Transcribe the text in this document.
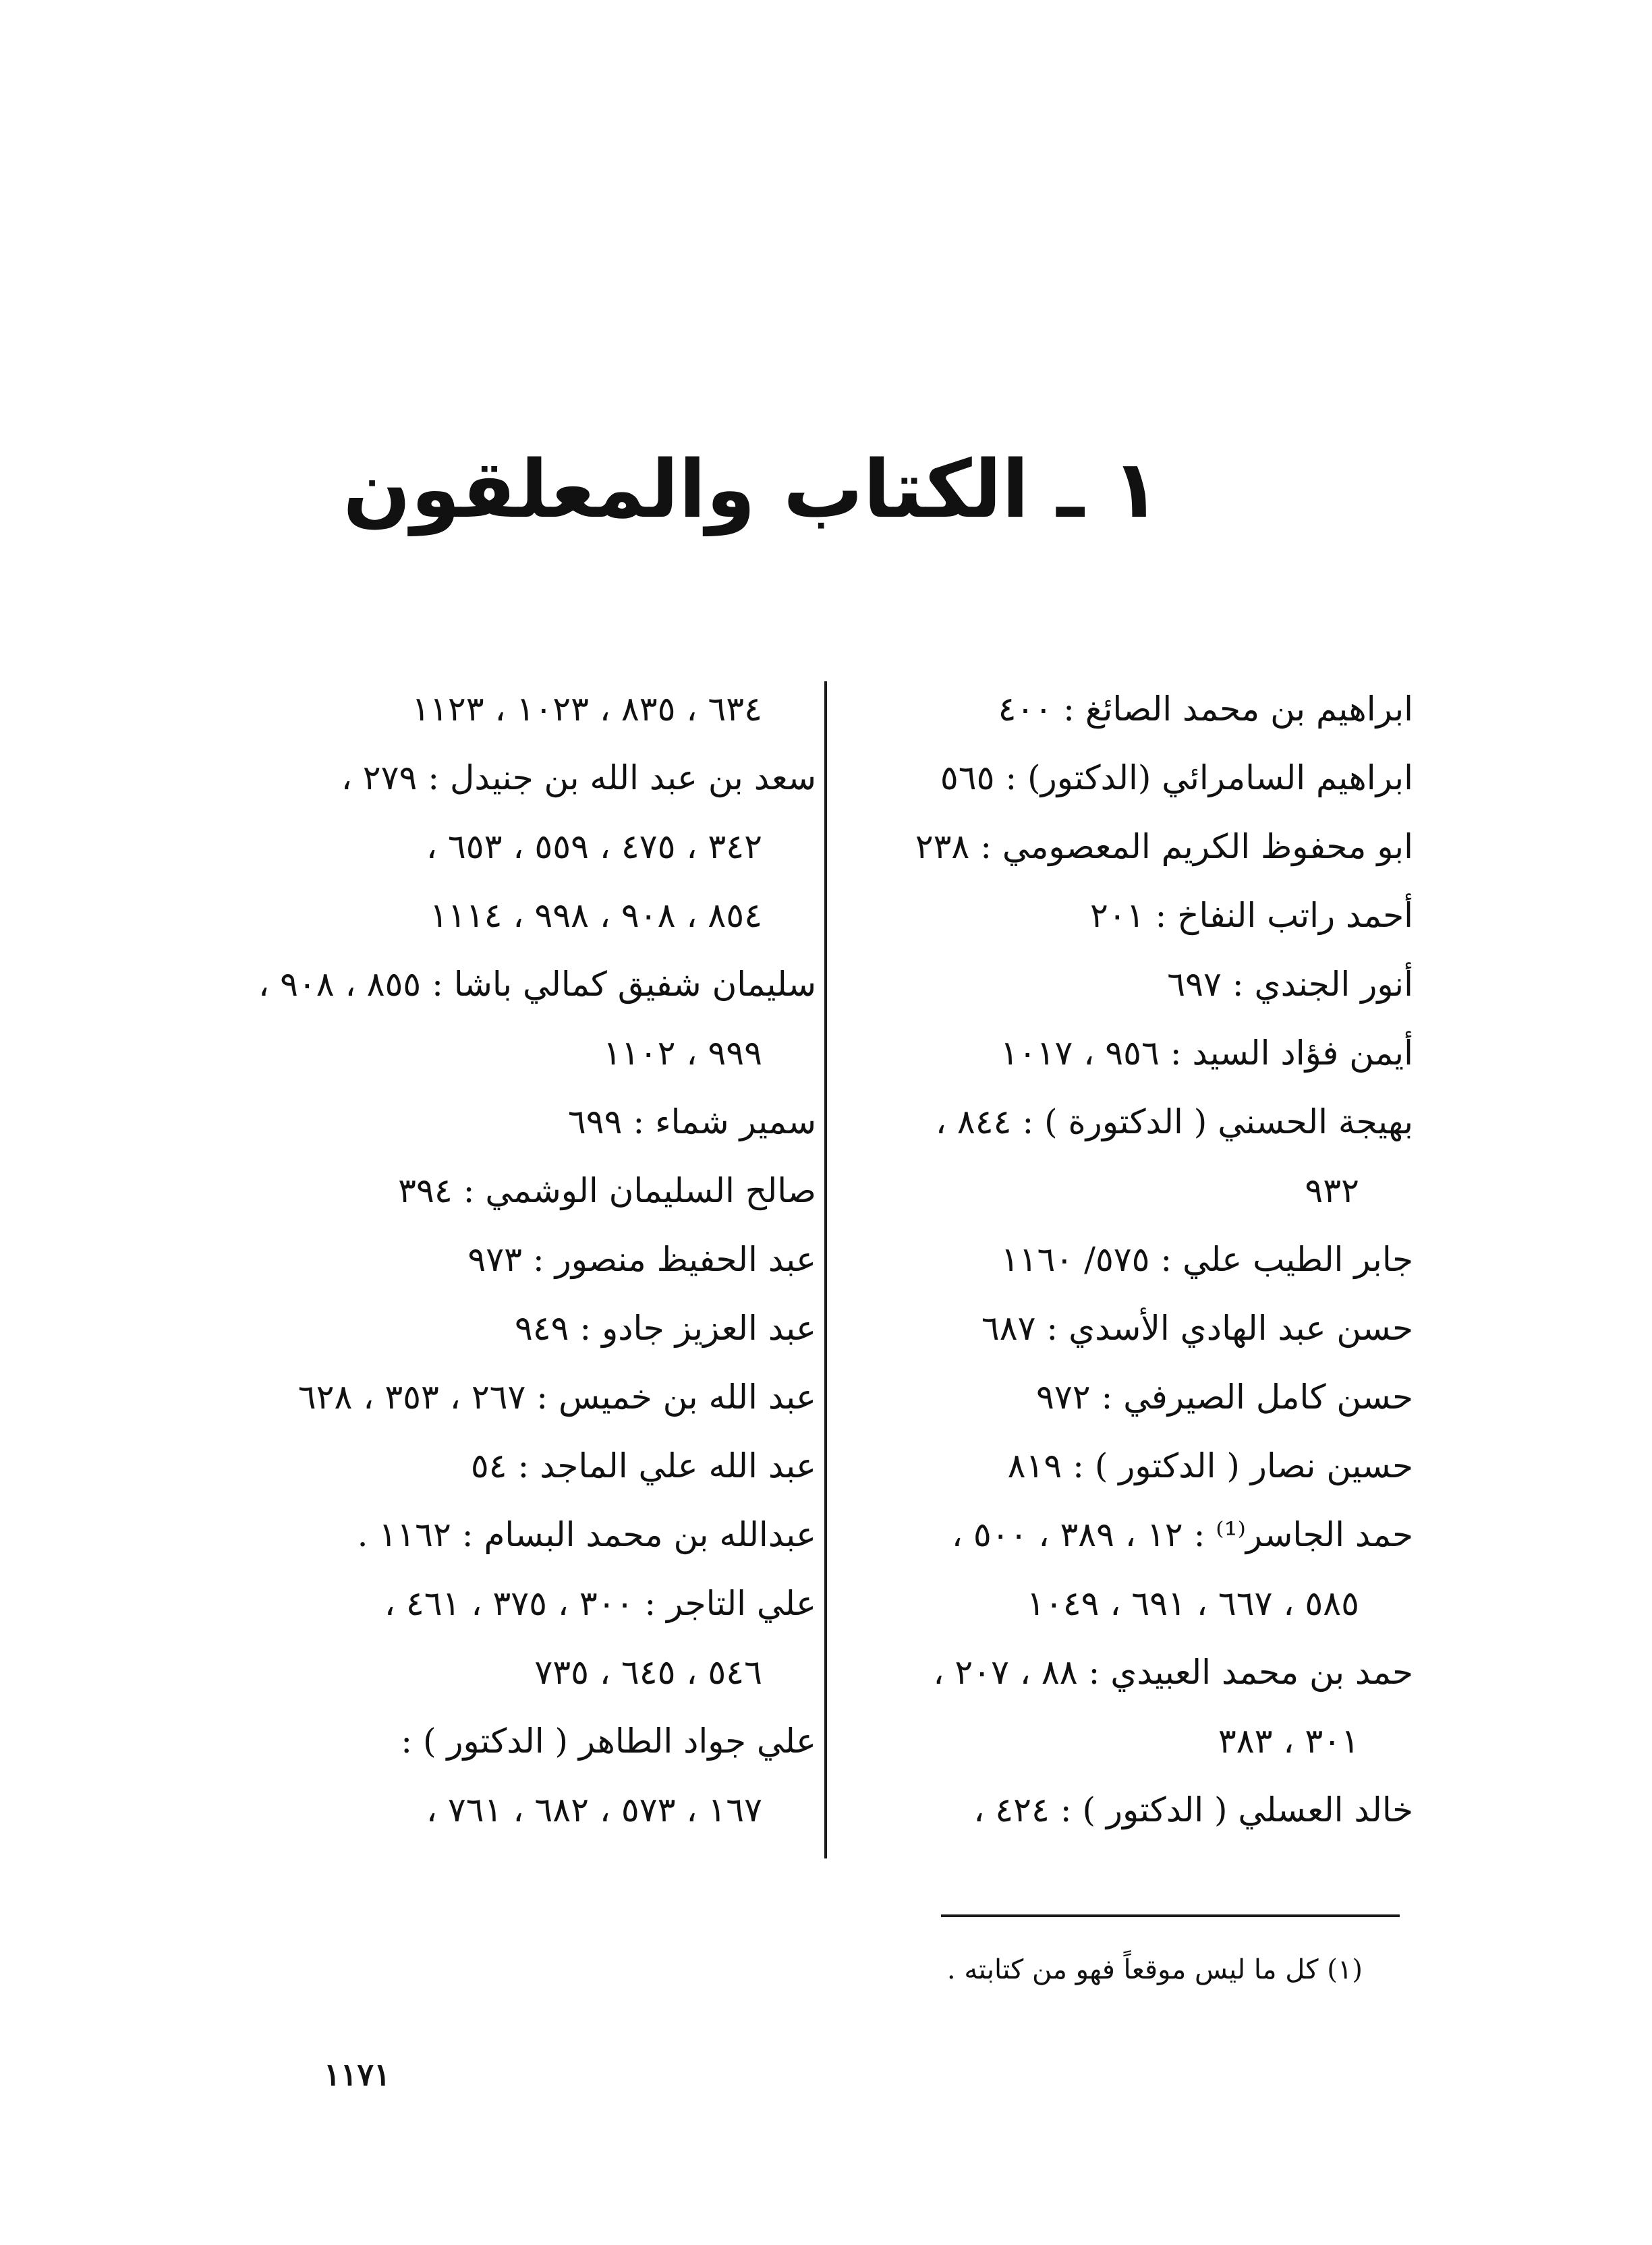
١ ـ الكتاب والمعلقون
ابراهيم بن محمد الصائغ : ٤٠٠
ابراهيم السامرائي (الدكتور) : ٥٦٥
ابو محفوظ الكريم المعصومي : ٢٣٨
أحمد راتب النفاخ : ٢٠١
أنور الجندي : ٦٩٧
أيمن فؤاد السيد : ٩٥٦ ، ١٠١٧
بهيجة الحسني ( الدكتورة ) : ٨٤٤ ،
٩٣٢
جابر الطيب علي : ٥٧٥/ ١١٦٠
حسن عبد الهادي الأسدي : ٦٨٧
حسن كامل الصيرفي : ٩٧٢
حسين نصار ( الدكتور ) : ٨١٩
حمد الجاسر⁽¹⁾ : ١٢ ، ٣٨٩ ، ٥٠٠ ،
٥٨٥ ، ٦٦٧ ، ٦٩١ ، ١٠٤٩
حمد بن محمد العبيدي : ٨٨ ، ٢٠٧ ،
٣٠١ ، ٣٨٣
خالد العسلي ( الدكتور ) : ٤٢٤ ،
٦٣٤ ، ٨٣٥ ، ١٠٢٣ ، ١١٢٣
سعد بن عبد الله بن جنيدل : ٢٧٩ ،
٣٤٢ ، ٤٧٥ ، ٥٥٩ ، ٦٥٣ ،
٨٥٤ ، ٩٠٨ ، ٩٩٨ ، ١١١٤
سليمان شفيق كمالي باشا : ٨٥٥ ، ٩٠٨ ،
٩٩٩ ، ١١٠٢
سمير شماء : ٦٩٩
صالح السليمان الوشمي : ٣٩٤
عبد الحفيظ منصور : ٩٧٣
عبد العزيز جادو : ٩٤٩
عبد الله بن خميس : ٢٦٧ ، ٣٥٣ ، ٦٢٨
عبد الله علي الماجد : ٥٤
عبدالله بن محمد البسام : ١١٦٢ .
علي التاجر : ٣٠٠ ، ٣٧٥ ، ٤٦١ ،
٥٤٦ ، ٦٤٥ ، ٧٣٥
علي جواد الطاهر ( الدكتور ) :
١٦٧ ، ٥٧٣ ، ٦٨٢ ، ٧٦١ ،
(١) كل ما ليس موقعاً فهو من كتابته .
١١٧١
